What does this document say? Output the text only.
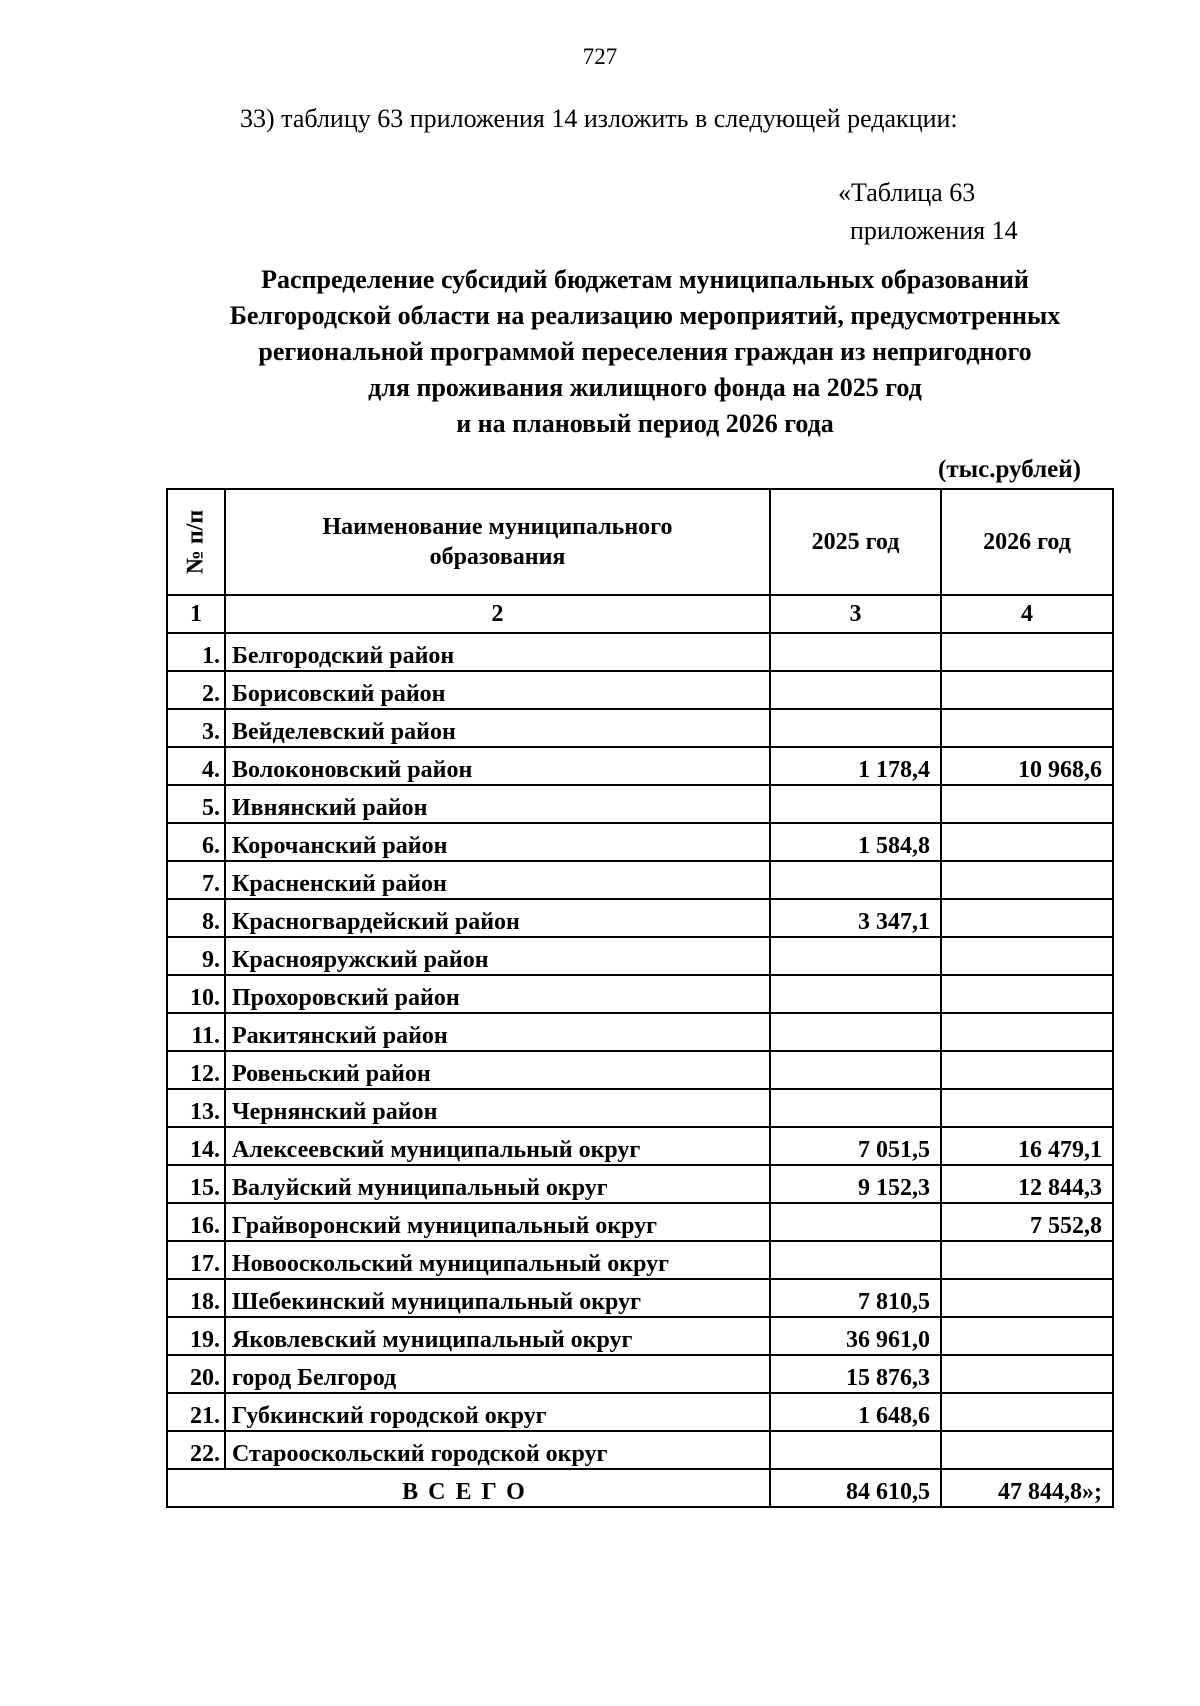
727
33) таблицу 63 приложения 14 изложить в следующей редакции:
«Таблица 63
приложения 14
Распределение субсидий бюджетам муниципальных образований
Белгородской области на реализацию мероприятий, предусмотренных
региональной программой переселения граждан из непригодного
для проживания жилищного фонда на 2025 год
и на плановый период 2026 года
(тыс.рублей)
№ п/п	Наименование муниципального образования	2025 год	2026 год
1	2	3	4
1.	Белгородский район		
2.	Борисовский район		
3.	Вейделевский район		
4.	Волоконовский район	1 178,4	10 968,6
5.	Ивнянский район		
6.	Корочанский район	1 584,8	
7.	Красненский район		
8.	Красногвардейский район	3 347,1	
9.	Краснояружский район		
10.	Прохоровский район		
11.	Ракитянский район		
12.	Ровеньский район		
13.	Чернянский район		
14.	Алексеевский муниципальный округ	7 051,5	16 479,1
15.	Валуйский муниципальный округ	9 152,3	12 844,3
16.	Грайворонский муниципальный округ		7 552,8
17.	Новооскольский муниципальный округ		
18.	Шебекинский муниципальный округ	7 810,5	
19.	Яковлевский муниципальный округ	36 961,0	
20.	город Белгород	15 876,3	
21.	Губкинский городской округ	1 648,6	
22.	Старооскольский городской округ		
ВСЕГО		84 610,5	47 844,8»;
